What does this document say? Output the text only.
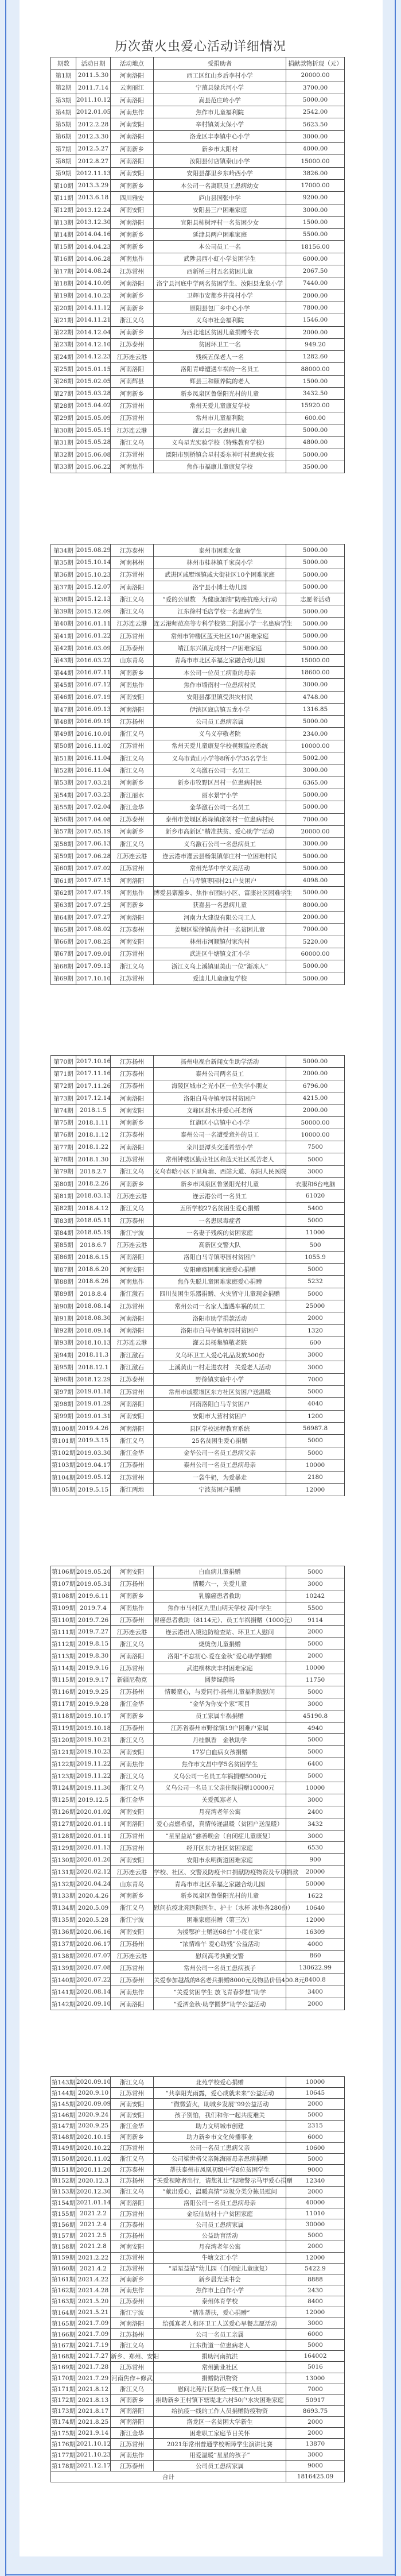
历次萤火虫爱心活动详细情况
期数	活动日期	活动地点	受捐助者	捐献款物折现（元）
第1期	2011.5.30	河南洛阳	西工区红山乡后李村小学	20000.00
第2期	2011.7.14	云南丽江	宁蒗县躲兵河小学	3700.00
第3期	2011.10.12	河南洛阳	嵩县范庄岭小学	5000.00
第4期	2012.01.05	河南焦作	焦作市儿童福利院	2542.00
第5期	2012.2.28	河南安阳	辛村镇刘太保小学	5623.50
第6期	2012.3.30	河南洛阳	洛龙区丰李镇中心小学	3000.00
第7期	2012.5.27	河南新乡	新乡市太阳村	4000.00
第8期	2012.8.27	河南洛阳	汝阳县付店镇泰山小学	15000.00
第9期	2012.11.13	河南安阳	安阳县都里乡东岭西小学	3826.00
第10期	2013.3.29	河南新乡	本公司一名离职员工患病幼女	17000.00
第11期	2013.6.18	四川雅安	庐山县国张中学	9200.00
第12期	2013.12.24	河南安阳	安阳县三户困难家庭	3000.00
第13期	2013.12.30	河南洛阳	宜阳县柿树坪村一名贫困少女	1500.00
第14期	2014.04.16	河南新乡	延津县两户困难家庭	5500.00
第15期	2014.04.23	河南新乡	本公司员工一名	18156.00
第16期	2014.06.28	河南焦作	武陟县西小虹小学贫困学生	6000.00
第17期	2014.08.24	江苏常州	西新桥三村五名贫困儿童	2067.50
第18期	2014.10.09	河南洛阳	洛宁县河底中学两名贫困学生、汝阳县龙泉小学	7440.00
第19期	2014.10.23	河南新乡	卫辉市安都乡井岗村小学	2000.00
第20期	2014.11.12	河南新乡	原阳县包厂乡中心小学	7800.00
第21期	2014.11.21	浙江义乌	义乌市社会福利院	1546.00
第22期	2014.12.04	河南新乡	为西北地区贫困儿童捐赠冬衣	2000.00
第23期	2014.12.10	江苏泰州	贫困环卫工一名	949.20
第24期	2014.12.23	江苏连云港	残疾五保老人一名	1282.60
第25期	2015.01.15	河南洛阳	洛阳青峰遭遇车祸的一名员工	88000.00
第26期	2015.02.05	河南辉县	辉县三和颐养院的老人	1500.00
第27期	2015.03.28	河南新乡	新乡凤泉区鲁堡阳光村的儿童	3432.50
第28期	2015.04.02	江苏常州	常州天爱儿童康复学校	15920.00
第29期	2015.05.09	江苏常州	常州市儿童福利院	600.00
第30期	2015.05.19	江苏连云港	灌云县一名患病儿童	5000.00
第31期	2015.05.28	浙江义乌	义乌星光实验学校（特殊教育学校）	4800.00
第32期	2015.06.08	江苏常州	溧阳市别桥镇合星村委东神圩村患病女孩	5000.00
第33期	2015.06.22	河南焦作	焦作市福康儿童康复学校	3500.00
第34期	2015.08.29	江苏泰州	泰州市困难女童	5000.00
第35期	2015.10.14	河南林州	林州市桂林镇千家岗小学	5000.00
第36期	2015.10.23	江苏常州	武进区戚墅堰镇戚大街社区10个困难家庭	5000.00
第37期	2015.12.07	河南洛阳	洛宁县小博士幼儿园	5000.00
第38期	2015.12.13	浙江义乌	“爱的公里数　为健康加油”防癌抗癌大行动	志愿者活动
第39期	2015.12.09	浙江义乌	江东徐村毛店学校一名患病学生	5000.00
第40期	2016.01.11	江苏连云港	连云港师范高等专科学校第二附属小学一名患病学生	5000.00
第41期	2016.01.22	江苏常州	常州市钟楼区蓝天社区10户困难家庭	5000.00
第42期	2016.03.09	江苏泰州	靖江东兴镇克成村一户困难家庭	5000.00
第43期	2016.03.22	山东青岛	青岛市市北区幸福之家融合幼儿园	15000.00
第44期	2016.07.11	河南新乡	本公司一位员工病重的母亲	18600.00
第45期	2016.07.12	河南焦作	焦作市墙南村一位患病村民	3000.00
第46期	2016.07.19	河南安阳	安阳县都里镇受洪灾村民	4748.00
第47期	2016.09.13	河南洛阳	伊滨区寇店镇五龙小学	1316.85
第48期	2016.09.19	江苏扬州	公司员工患病亲属	5000.00
第49期	2016.10.01	浙江义乌	义乌义亭敬老院	2340.00
第50期	2016.11.02	江苏常州	常州天爱儿童康复学校视频监控系统	10000.00
第51期	2016.11.04	浙江义乌	义乌市黄山小学等8所小学35名学生	5002.00
第52期	2016.11.04	浙江义乌	义乌激石公司一名员工	3000.00
第53期	2017.03.21	河南新乡	新乡市牧野区吕村一位患病村民	6365.00
第54期	2017.03.23	浙江丽水	丽水景宁小学	5000.00
第55期	2017.02.04	浙江金华	金华激石公司一名员工	5000.00
第56期	2017.04.08	江苏泰州	泰州市姜堰区蒋垛镇邱刘村一位患病村民	7000.00
第57期	2017.05.19	河南新乡	新乡市高新区“精准扶贫、爱心助学”活动	20000.00
第58期	2017.06.13	浙江义乌	义乌激石公司一名患病员工	3000.00
第59期	2017.06.28	江苏连云港	连云港市灌云县杨集镇郁庄村一位困难村民	5000.00
第60期	2017.07.02	江苏常州	常州光华中学义卖活动	5000.00
第61期	2017.07.15	河南洛阳	白马寺镇枣园村21户贫困户	4098.00
第62期	2017.07.19	河南焦作	博爱县寨豁乡、焦作市团结小区、富康社区困难学生	5000.00
第63期	2017.07.25	河南新乡	获嘉县一名患病儿童	8000.00
第64期	2017.07.27	河南洛阳	河南力大建设有限公司工人	2000.00
第65期	2017.08.02	江苏泰州	姜堰区梁徐镇前舍村一名贫困儿童	7000.00
第66期	2017.08.25	河南安阳	林州市河顺镇付家沟村	5220.00
第67期	2017.09.01	江苏常州	武进区牛塘镇文汇小学	60000.00
第68期	2017.09.13	浙江义乌	浙江义乌上溪镇里美山一位“渐冻人”	5000.00
第69期	2017.10.10	江苏常州	爱迪儿儿童康复学校	5000.00
第70期	2017.10.16	江苏扬州	扬州电视台新闻女生助学活动	5000.00
第71期	2017.11.16	江苏泰州	泰州公司两名员工	2000.00
第72期	2017.11.26	江苏泰州	海陵区城市之光小区一位失学小朋友	6796.00
第73期	2017.12.14	河南洛阳	洛阳白马寺镇枣园村贫困户	4215.00
第74期	2018.1.5	河南安阳	文峰区甜水井爱心托老所	2000.00
第75期	2018.1.11	河南新乡	红旗区小店镇中心小学	50000.00
第76期	2018.1.12	江苏泰州	泰州公司一名遭受意外的员工	10000.00
第77期	2018.1.22	河南洛阳	栾川县潭头交通希望小学	7500
第78期	2018.1.30	江苏常州	常州钟楼区勤业社区和蓝天社区孤苦老人	5000
第79期	2018.2.7	浙江义乌	义乌春晗小区下里角塘、西站大道、东阳人民医院	3000
第80期	2018.2.26	河南新乡	新乡市凤泉区鲁堡阳光村儿童	衣服和6台电脑
第81期	2018.03.13	江苏连云港	连云港公司一名员工	61020
第82期	2018.4.12	浙江义乌	五所学校27名贫困生爱心捐赠	5400
第83期	2018.05.11	江苏泰州	一名患尿毒症者	5000
第84期	2018.05.19	浙江宁波	一名妻子残疾的贫困家庭	11000
第85期	2018.6.7	江苏连云港	高新区交警大队	500
第86期	2018.6.15	河南洛阳	洛阳白马寺镇枣园村贫困户	1055.9
第87期	2018.6.20	河南安阳	安阳瘫痪困难家庭爱心捐赠	5000
第88期	2018.6.26	河南焦作	焦作失聪儿童困难家庭爱心捐赠	5232
第89期	2018.8.4	浙江激石	四川贫困生乐器捐赠、火灾留守儿童现金捐赠	5000
第90期	2018.08.14	江苏常州	常州公司一名家人遭遇车祸的员工	25000
第91期	2018.08.30	河南洛阳	洛阳市助学捐款活动	2000
第92期	2018.09.14	河南洛阳	洛阳市白马寺镇枣园村贫困户	1320
第93期	2018.10.13	江苏连云港	灌云县杨集镇敬老院	600
第94期	2018.11.3	浙江激石	义乌环卫工人爱心礼品发放500份	3000
第95期	2018.12.1	浙江激石	上溪黄山一村走进农村　关爱老人活动	3000
第96期	2018.12.29	江苏泰州	野徐镇实验中小学	7000
第97期	2019.01.18	江苏常州	常州市戚墅堰区东方社区贫困户送温暖	5000
第98期	2019.01.29	河南洛阳	河南洛阳白马寺贫困户	4040
第99期	2019.01.31	河南安阳	安阳市大营村贫困户	1200
第100期	2019.4.26	河南洛阳	县区学校远程教育系统	56987.8
第101期	2019.3.15	浙江义乌	25名贫困生爱心捐赠	5000
第102期	2019.03.30	浙江金华	金华公司一名员工患病父亲	5000
第103期	2019.04.17	江苏泰州	泰州公司一名员工患病母亲	10000
第104期	2019.05.12	江苏常州	一袋牛奶，为爱暴走	2180
第105期	2019.5.15	浙江两地	宁波贫困户捐赠	12000
第106期	2019.05.20	河南安阳	白血病儿童捐赠	5000
第107期	2019.05.31	江苏扬州	情暖六一，关爱儿童	3000
第108期	2019.6.11	河南新乡	乳腺癌患者救助	10242
第109期	2019.7.4	河南焦作	焦作市马村区九里山明天学校 高中学生	5500
第110期	2019.7.26	江苏泰州	胃癌患者救助（8114元）、员工车祸捐赠（1000元）	9114
第111期	2019.7.27	江苏连云港	连云港出入境边防检查站、环卫工人慰问	2000
第112期	2019.8.15	浙江义乌	烧烫伤儿童捐赠	5000
第113期	2019.8.30	河南洛阳	洛阳“不忘初心.爱在金秋”爱心助学捐赠	2000
第114期	2019.9.16	江苏常州	武进横林庆丰村困难家庭	10000
第115期	2019.9.17	新疆尼勒克	圆梦绿茵场	11750
第116期	2019.9.25	江苏扬州	情暖童心，与爱同行-扬州儿童福利院慰问	5000
第117期	2019.9.28	浙江金华	“金华为你安个家”项目	3000
第118期	2019.10.17	河南新乡	员工家属车祸捐赠	45190.8
第119期	2019.10.18	江苏泰州	江苏省泰州市野徐镇19户困难户家属	4940
第120期	2019.10.21	浙江义乌	丹桂飘香　金秋助学	5000
第121期	2019.10.23	河南安阳	17岁白血病女孩捐赠	5000
第122期	2019.11.22	河南焦作	焦作市文昌中学5名贫困学生	6400
第123期	2019.11.22	浙江义乌	义乌公司一名员工车祸捐赠5000元	5000
第124期	2019.11.30	浙江义乌	义乌公司一名员工父亲住院捐赠10000元	10000
第125期	2019.12.5	浙江金华	关爱孤寡老人	3000
第126期	2020.01.02	河南安阳	月亮湾老年公寓	2400
第127期	2020.01.11	河南洛阳	爱心点燃希望，真情传递温暖（贫困户送温暖）	3432
第128期	2020.01.11	江苏常州	“星星益站”慈善晚会（自闭症儿童康复）	3000
第129期	2020.01.13	江苏常州	经开区东方社区贫困家庭	6530
第130期	2020.01.20	河南安阳	安阳市永明街道困难家庭	900
第131期	2020.02.12	江苏连云港	学校、社区、交警及防疫卡口捐献防疫物资及专项捐款	20000
第132期	2020.04.24	山东青岛	青岛市市北区幸福之家融合幼儿园	50000
第133期	2020.4.26	河南新乡	新乡凤泉区鲁堡阳光村的儿童	1622
第134期	2020.5.09	浙江义乌	慰问抗疫北苑医院医生、护士（水杯 冰垫各280份）	10640
第135期	2020.5.28	浙江宁波	困难家庭捐赠（第三次）	12000
第136期	2020.06.16	河南安阳	为援鄂护士赠送68台“小度在家”	16309
第137期	2020.06.17	江苏扬州	“浓情端午 爱心助残”公益活动	4000
第138期	2020.07.07	江苏连云港	慰问高考执勤交警	860
第139期	2020.07.08	江苏常州	常州公司一名员工患病孩子	130622.99
第140期	2020.07.22	江苏泰州	关爱参加越战的8名老兵捐赠8000元及物品价值400.8元	8400.8
第141期	2020.08.14	河南焦作	“关爱贫困学生 放飞青春梦想”助学	3400
第142期	2020.09.10	河南洛阳	“爱洒金秋·助学圆梦”助学公益活动	2000
第143期	2020.09.10	浙江义乌	北苑学校爱心捐赠	10000
第144期	2020.9.10	江苏常州	“共享阳光雨露，爱心成就未来”公益活动	10645
第145期	2020.09.09	河南安阳	“微微萤火，助城乡发展”99公益活动	2000
第146期	2020.9.24	河南安阳	孩子别怕，我们和你一起共度难关	5000
第147期	2020.9.25	浙江金华	助力文明城市创建	2315
第148期	2020.10.15	河南新乡	助力新乡市文化传播事业	6000
第149期	2020.10.22	江苏常州	公司一名员工患病父亲	10600
第150期	2020.11.02	浙江义乌	公司梁世格父亲陈海丽母亲患病捐赠	5000
第151期	2020.11.20	江苏泰州	帮扶泰州市凤凰初级中学8位贫困学生	9000
第152期	2020.12.3	江苏扬州	“关爱视障者出行，请您礼让”视障警示马甲爱心捐赠	12340
第153期	2020.12.30	浙江义乌	“献出爱心，温暖真情”垃圾分类分拣员慰问	2000
第154期	2021.01.14	河南洛阳	洛阳公司一名员工患病母亲	40000
第155期	2021.2.2	江苏常州	金坛仙姑村十户贫困家庭	11010
第156期	2021.2.4	江苏泰州	公司员工患病家属	30000
第157期	2021.2.5	江苏扬州	公益助盲活动	5000
第158期	2021.2.8	河南安阳	月亮湾老年公寓	2000
第159期	2021.2.22	江苏常州	牛塘文汇小学	12000
第160期	2021.4.2	江苏常州	“星星益站”幼儿园（自闭症儿童康复）	5422.9
第161期	2021.4.22	河南新乡	新乡晨光读书会	8888
第162期	2021.4.28	河南焦作	焦作市上白作小学	2430
第163期	2021.5.20	江苏泰州	泰州体育学校	8400
第164期	2021.5.21	浙江宁波	“精准帮扶，爱心捐赠”	12000
第165期	2021.7.09	河南洛阳	给孤寡老人和环卫工人送爱心早餐志愿活动	3000
第166期	2021.7.09	江苏扬州	公司一名员工亲属	6000
第167期	2021.7.19	浙江义乌	江东街道一位患病老人	5000
第168期	2021.7.27	新乡、郑州、安阳	捐助河南抗洪	164002
第169期	2021.7.28	江苏常州	常州勤业社区	5016
第170期	2021.7.29	河南焦作+修武	捐赠防汛物资	13000
第171期	2021.8.12	浙江义乌	慰问北苑片区防疫一线工作人员	7000
第172期	2021.8.13	河南新乡	捐助新乡王村镇下辖堤北六村50户水灾困难家庭	50917
第173期	2021.8.17	河南洛阳	给抗疫一线的工作人员捐赠防疫物资	8693.75
第174期	2021.8.25	河南洛阳	洛龙区一名贫困大学新生	2000
第175期	2021.9.14	浙江金华	困难职工家庭节日关怀	2000
第176期	2021.10.12	江苏常州	2021年常州普通学校听障学生演讲比赛	13870
第177期	2021.10.23	河南焦作	用爱温暖“星星的孩子”	3000
第178期	2021.12.17	江苏泰州	公司员工患病家属	9000
合计				1816425.09
